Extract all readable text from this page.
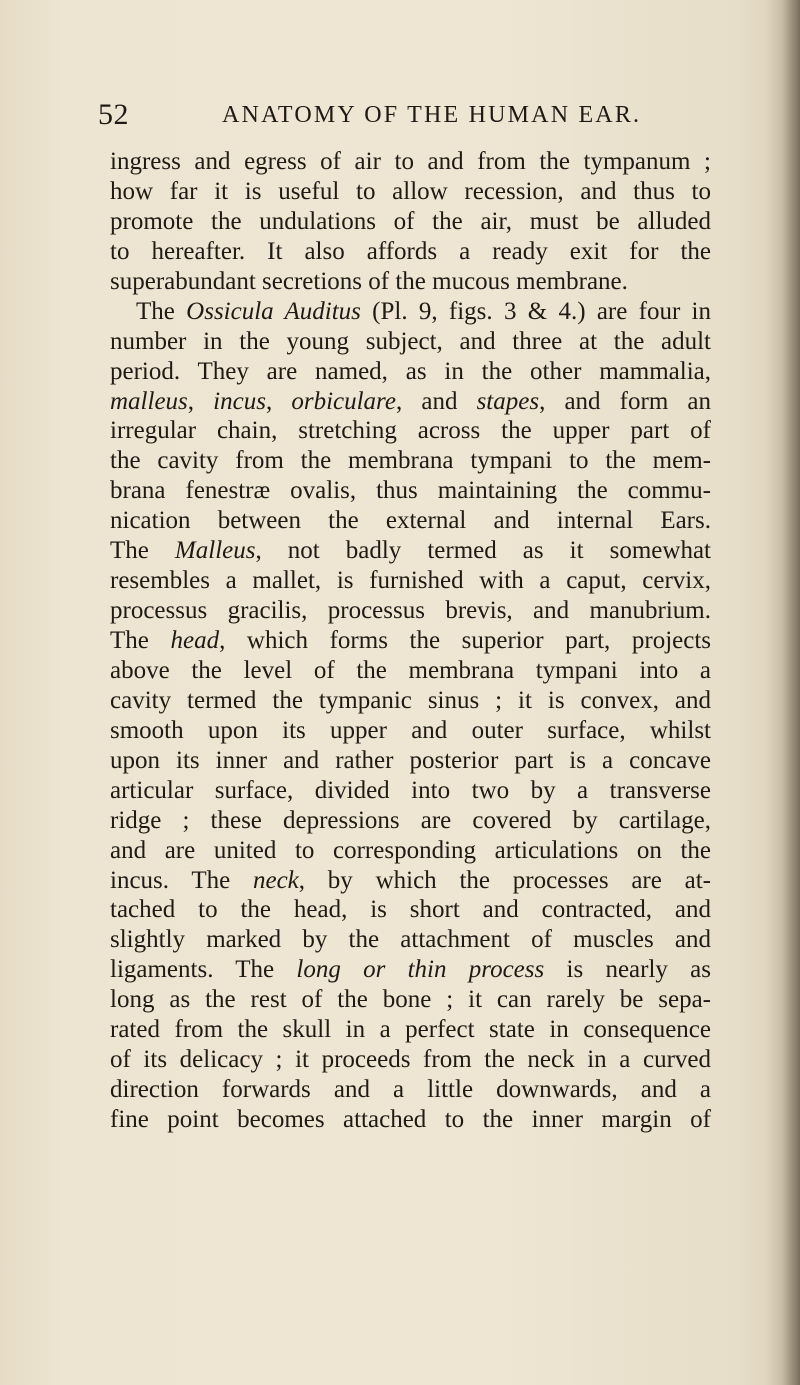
52	ANATOMY OF THE HUMAN EAR.
ingress and egress of air to and from the tympanum ;
how far it is useful to allow recession, and thus to
promote the undulations of the air, must be alluded
to hereafter. It also affords a ready exit for the
superabundant secretions of the mucous membrane.
The Ossicula Auditus (Pl. 9, figs. 3 & 4.) are four in
number in the young subject, and three at the adult
period. They are named, as in the other mammalia,
malleus, incus, orbiculare, and stapes, and form an
irregular chain, stretching across the upper part of
the cavity from the membrana tympani to the mem-
brana fenestræ ovalis, thus maintaining the commu-
nication between the external and internal Ears.
The Malleus, not badly termed as it somewhat
resembles a mallet, is furnished with a caput, cervix,
processus gracilis, processus brevis, and manubrium.
The head, which forms the superior part, projects
above the level of the membrana tympani into a
cavity termed the tympanic sinus ; it is convex, and
smooth upon its upper and outer surface, whilst
upon its inner and rather posterior part is a concave
articular surface, divided into two by a transverse
ridge ; these depressions are covered by cartilage,
and are united to corresponding articulations on the
incus. The neck, by which the processes are at-
tached to the head, is short and contracted, and
slightly marked by the attachment of muscles and
ligaments. The long or thin process is nearly as
long as the rest of the bone ; it can rarely be sepa-
rated from the skull in a perfect state in consequence
of its delicacy ; it proceeds from the neck in a curved
direction forwards and a little downwards, and a
fine point becomes attached to the inner margin of
